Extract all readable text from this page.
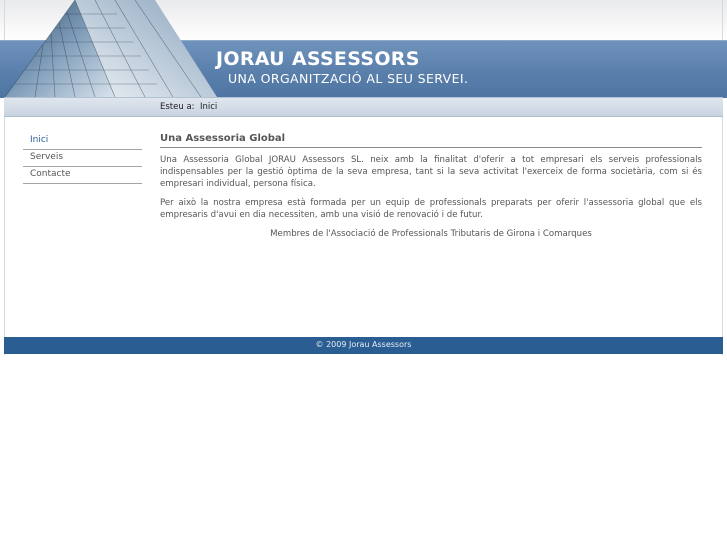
JORAU ASSESSORS
UNA ORGANITZACIÓ AL SEU SERVEI.
Esteu a: Inici
Inici
Serveis
Contacte
Una Assessoria Global

Una Assessoria Global JORAU Assessors SL. neix amb la finalitat d'oferir a tot empresari els serveis professionals indispensables per la gestió òptima de la seva empresa, tant si la seva activitat l'exerceix de forma societària, com si és empresari individual, persona física.

Per això la nostra empresa està formada per un equip de professionals preparats per oferir l'assessoria global que els empresaris d'avui en dia necessiten, amb una visió de renovació i de futur.

Membres de l'Associació de Professionals Tributaris de Girona i Comarques

© 2009 Jorau Assessors
